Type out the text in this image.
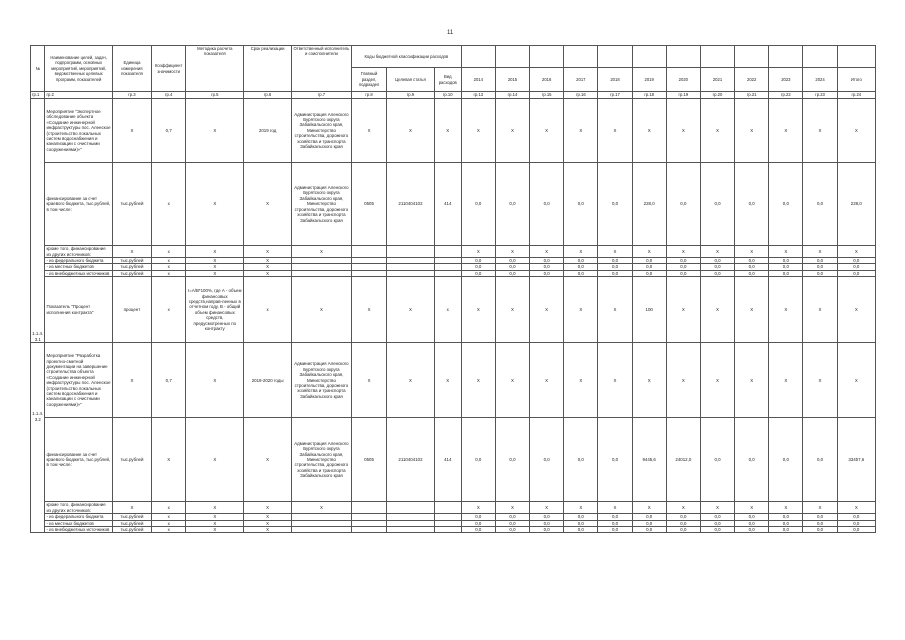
11
№	Наименование целей, задач, подпрограмм, основных мероприятий, мероприятий, ведомственных целевых программ, показателей	Единица измерения показателя	Коэффициент значимости	Методика расчета показателя	Срок реализации	Ответственный исполнитель и соисполнители	Коды бюджетной классификации расходов														
							Главный раздел, подраздел	Целевая статья	Вид расходов	2014	2015	2016	2017	2018	2019	2020	2021	2022	2023	2024	Итого
гр.1	гр.2	гр.3	гр.4	гр.5	гр.6	гр.7	гр.8	гр.9	гр.10	гр.13	гр.14	гр.15	гр.16	гр.17	гр.18	гр.19	гр.20	гр.21	гр.22	гр.23	гр.24
1.1.4.3.1	Мероприятие "Экспертное обследование объекта «Создание инженерной инфраструктуры пос. Аленское (строительство локальных систем водоснабжения и канализации с очистными сооружениями)»"	X	0,7	X	2019 год	Администрация Аленского Бурятского округа Забайкальского края, Министерство строительства, дорожного хозяйства и транспорта Забайкальского края	X	X	X	X	X	X	X	X	X	X	X	X	X	X	X
	финансирование за счет краевого бюджета, тыс.рублей, в том числе:	тыс.рублей	х	X	X	Администрация Аленского Бурятского округа Забайкальского края, Министерство строительства, дорожного хозяйства и транспорта Забайкальского края	0505	2110404102	414	0,0	0,0	0,0	0,0	0,0	228,0	0,0	0,0	0,0	0,0	0,0	228,0
	кроме того, финансирование из других источников:	X	х	X	X	X				X	X	X	X	X	X	X	X	X	X	X	X
	- из федерального бюджета	тыс.рублей	х	X	X					0,0	0,0	0,0	0,0	0,0	0,0	0,0	0,0	0,0	0,0	0,0	0,0
	- из местных бюджетов	тыс.рублей	х	X	X					0,0	0,0	0,0	0,0	0,0	0,0	0,0	0,0	0,0	0,0	0,0	0,0
	- из внебюджетных источников	тыс.рублей	х	X	X					0,0	0,0	0,0	0,0	0,0	0,0	0,0	0,0	0,0	0,0	0,0	0,0
	Показатель "Процент исполнения контракта"	процент	х	I=A/B*100%, где A - объем финансовых средств,направ-ленных в отчетном году, B - общий объем финансовых средств, предусмотренных по контракту	х	X	X	X	х	X	X	X	X	X	100	X	X	X	X	X	X
1.1.4.3.2	Мероприятие "Разработка проектно-сметной документации на завершение строительства объекта «Создание инженерной инфраструктуры пос. Аленское (строительство локальных систем водоснабжения и канализации с очистными сооружениями)»"	X	0,7	X	2019-2020 годы	Администрация Аленского Бурятского округа Забайкальского края, Министерство строительства, дорожного хозяйства и транспорта Забайкальского края	X	X	X	X	X	X	X	X	X	X	X	X	X	X	X
	финансирование за счет краевого бюджета, тыс.рублей, в том числе:	тыс.рублей	Х	Х	Х	Администрация Аленского Бурятского округа Забайкальского края, Министерство строительства, дорожного хозяйства и транспорта Забайкальского края	0505	2110404102	414	0,0	0,0	0,0	0,0	0,0	9445,6	24012,0	0,0	0,0	0,0	0,0	33457,6
	кроме того, финансирование из других источников:	X	х	X	X	X				X	X	X	X	X	X	X	X	X	X	X	X
	- из федерального бюджета	тыс.рублей	х	X	X					0,0	0,0	0,0	0,0	0,0	0,0	0,0	0,0	0,0	0,0	0,0	0,0
	- из местных бюджетов	тыс.рублей	х	X	X					0,0	0,0	0,0	0,0	0,0	0,0	0,0	0,0	0,0	0,0	0,0	0,0
	- из внебюджетных источников	тыс.рублей	х	X	X					0,0	0,0	0,0	0,0	0,0	0,0	0,0	0,0	0,0	0,0	0,0	0,0
